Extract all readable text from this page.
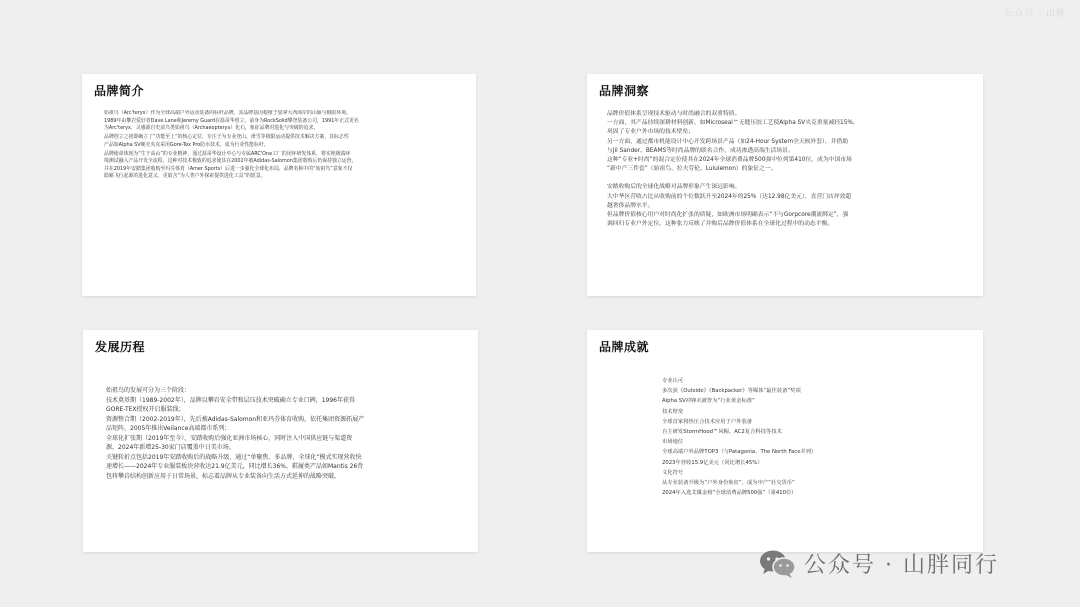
公众号 · 山胖
品牌简介

始祖鸟（Arc'teryx）作为全球高端户外运动装备的标杆品牌，其品牌基因根植于加拿大西海岸的山脉与极限环境。
1989年由攀岩爱好者Dave Lane和Jeremy Guard在温哥华创立，前身为RockSolid攀登装备公司，1991年正式更名
为Arc'teryx，灵感源自史前鸟类始祖鸟（Archaeopteryx）化石，象征品牌对进化与突破的追求。

品牌创立之初即确立了“功能至上”的核心定位，专注于为专业登山、滑雪等极限运动提供技术解决方案，其标志性
产品如Alpha SV硬壳夹克采用Gore-Tex Pro防水技术，成为行业性能标杆。

品牌使命体现为“生于高山”的专业精神，通过温哥华设计中心与专属ARC'One工厂的闭环研发体系，将实地极端环
境测试融入产品开发全流程，这种对技术极致的追求使其在2002年被Adidas-Salomon集团收购后仍保持独立运营，
并在2019年安踏集团收购至玛芬体育（Amer Sports）后进一步强化全球化布局，品牌名称中的“始祖鸟”意象不仅
隐喻飞行起源的进化意义，更暗含“为人类户外探索提供进化工具”的愿景。

品牌洞察

品牌价值体系呈现技术驱动与时尚融合的双重特质。
一方面，其产品持续深耕材料创新，如Microseal™无缝压胶工艺使Alpha SV夹克重量减轻15%，
巩固了专业户外市场的技术壁垒；
另一方面，通过都市机能设计中心开发跨场景产品（如24-Hour System全天候外套），并借助
与Jil Sander、BEAMS等时尚品牌的联名合作，成功渗透高端生活场景。
这种“专业+时尚”的混合定位使其在2024年全球消费品牌500强中位列第410位，成为中国市场
“新中产三件套”（始祖鸟、拉夫劳伦、Lululemon）的象征之一。

安踏收购后的全球化战略对品牌形象产生深远影响。
大中华区营收占比从收购前的个位数跃升至2024年的25%（达12.98亿美元），直营门店坪效超
越奢侈品牌水平。
但品牌价值核心用户对时尚化扩张的质疑，如欧洲市场明确表示“不与Gorpcore潮流绑定”，强
调回归专业户外定位。这种张力反映了并购后品牌价值体系在全球化过程中的动态平衡。

发展历程

始祖鸟的发展可分为三个阶段：
技术奠基期（1989-2002年），品牌以攀岩安全带和层压技术突破确立专业口碑，1996年获得
GORE-TEX授权开启服装线；
资源整合期（2002-2019年），先后被Adidas-Salomon和亚玛芬体育收购，依托集团资源拓展产
品矩阵，2005年推出Veilance高端都市系列；
全球化扩张期（2019年至今），安踏收购后强化亚洲市场核心，同时注入中国供应链与渠道资
源，2024年新增25-30家门店覆盖中日美市场。
关键转折点包括2019年安踏收购后的战略升级，通过“单聚焦、多品牌、全球化”模式实现营收快
速增长——2024年专业服装板块营收达21.9亿美元，同比增长36%，鞋履类产品如Mantis 26背
包将攀岩结构创新应用于日常场景，标志着品牌从专业装备向生活方式延伸的战略突破。

品牌成就

专业认可
多次获《Outside》《Backpacker》等媒体“最佳装备”奖项
Alpha SV冲锋衣被誉为“行业黄金标准”
技术壁垒
全球首家将热压合技术应用于户外装备
自主研发StormHood™风帽、AC2复合科技等技术
市场地位
全球高端户外品牌TOP3（与Patagonia、The North Face并列）
2023年营收15.9亿美元（同比增长45%）
文化符号
从专业装备升级为“户外身份象征”、成为中产“社交货币”
2024年入选艾媒金榜“全球消费品牌500强”（第410位）

公众号 · 山胖同行
